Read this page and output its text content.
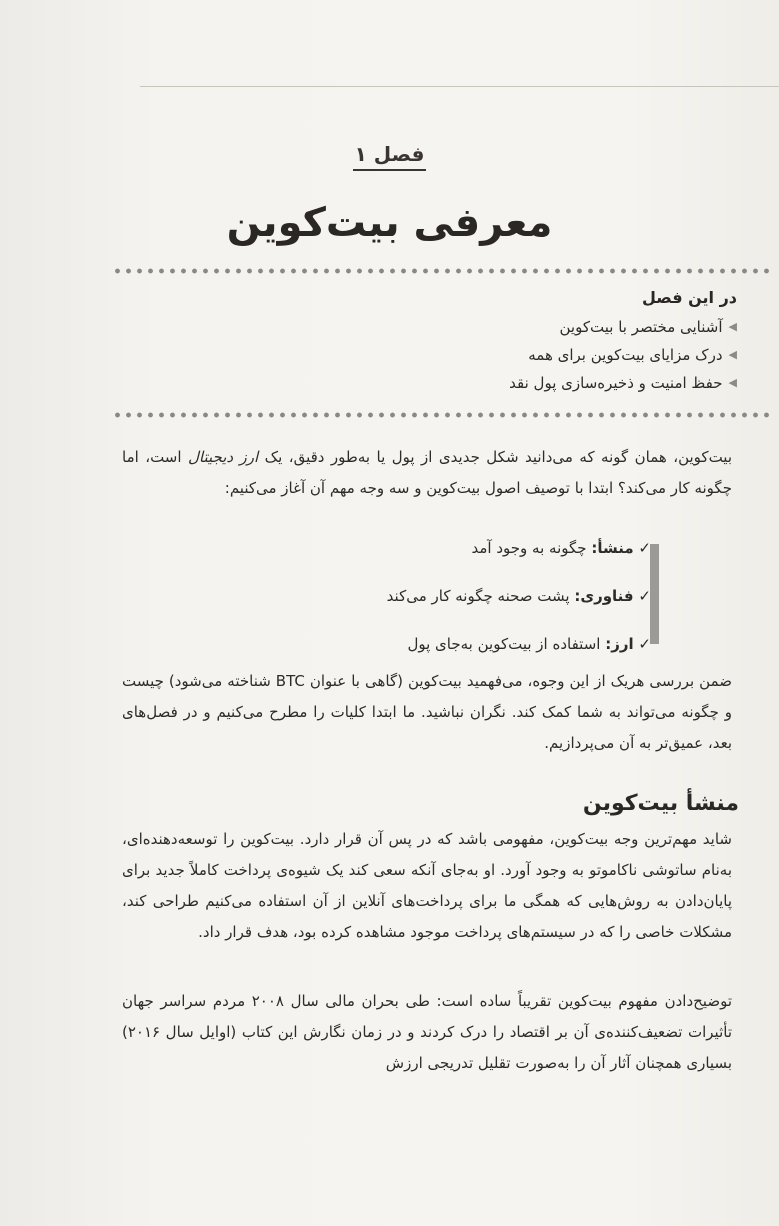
فصل ۱
معرفی بیت‌کوین
در این فصل
◀
آشنایی مختصر با بیت‌کوین
◀
درک مزایای بیت‌کوین برای همه
◀
حفظ امنیت و ذخیره‌سازی پول نقد

بیت‌کوین، همان گونه که می‌دانید شکل جدیدی از پول یا به‌طور دقیق، یک ارز دیجیتال است، اما چگونه کار می‌کند؟ ابتدا با توصیف اصول بیت‌کوین و سه وجه مهم آن آغاز می‌کنیم:

✓ منشأ: چگونه به وجود آمد
✓ فناوری: پشت صحنه چگونه کار می‌کند
✓ ارز: استفاده از بیت‌کوین به‌جای پول

ضمن بررسی هریک از این وجوه، می‌فهمید بیت‌کوین (گاهی با عنوان BTC شناخته می‌شود) چیست و چگونه می‌تواند به شما کمک کند. نگران نباشید. ما ابتدا کلیات را مطرح می‌کنیم و در فصل‌های بعد، عمیق‌تر به آن می‌پردازیم.

منشأ بیت‌کوین

شاید مهم‌ترین وجه بیت‌کوین، مفهومی باشد که در پس آن قرار دارد. بیت‌کوین را توسعه‌دهنده‌ای، به‌نام ساتوشی ناکاموتو به وجود آورد. او به‌جای آنکه سعی کند یک شیوه‌ی پرداخت کاملاً جدید برای پایان‌دادن به روش‌هایی که همگی ما برای پرداخت‌های آنلاین از آن استفاده می‌کنیم طراحی کند، مشکلات خاصی را که در سیستم‌های پرداخت موجود مشاهده کرده بود، هدف قرار داد.

توضیح‌دادن مفهوم بیت‌کوین تقریباً ساده است: طی بحران مالی سال ۲۰۰۸ مردم سراسر جهان تأثیرات تضعیف‌کننده‌ی آن بر اقتصاد را درک کردند و در زمان نگارش این کتاب (اوایل سال ۲۰۱۶) بسیاری همچنان آثار آن را به‌صورت تقلیل تدریجی ارزش
